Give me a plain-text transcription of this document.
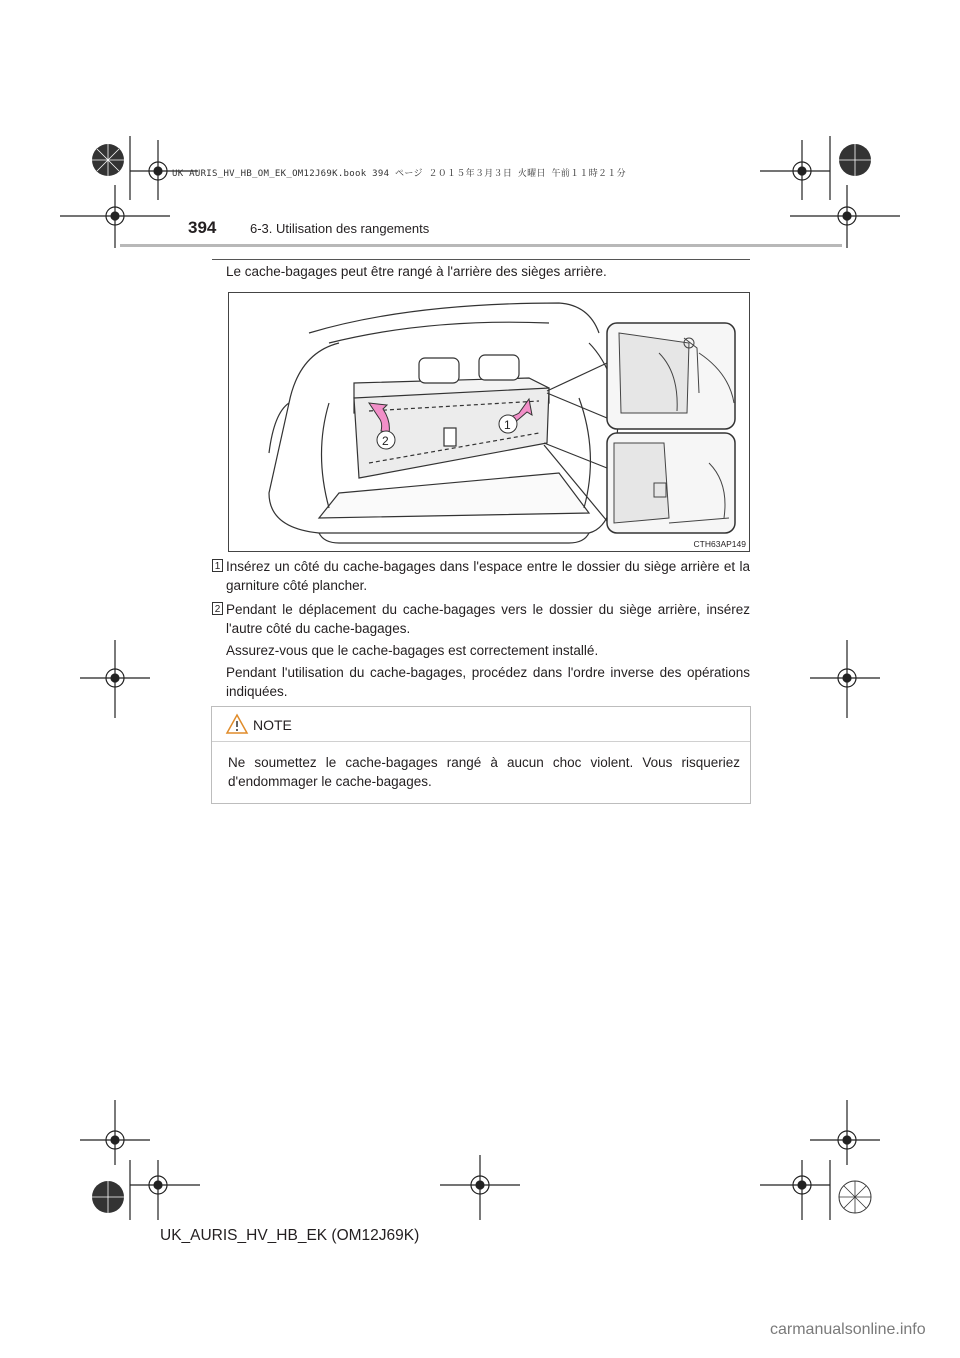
UK AURIS_HV_HB_OM_EK_OM12J69K.book 394 ページ ２０１５年３月３日 火曜日 午前１１時２１分
394	6-3. Utilisation des rangements
Le cache-bagages peut être rangé à l'arrière des sièges arrière.
2
1
CTH63AP149
1 Insérez un côté du cache-bagages dans l'espace entre le dossier du siège arrière et la garniture côté plancher.
2 Pendant le déplacement du cache-bagages vers le dossier du siège arrière, insérez l'autre côté du cache-bagages.
Assurez-vous que le cache-bagages est correctement installé.
Pendant l'utilisation du cache-bagages, procédez dans l'ordre inverse des opérations indiquées.
NOTE
Ne soumettez le cache-bagages rangé à aucun choc violent. Vous risqueriez d'endommager le cache-bagages.
UK_AURIS_HV_HB_EK (OM12J69K)
carmanualsonline.info
